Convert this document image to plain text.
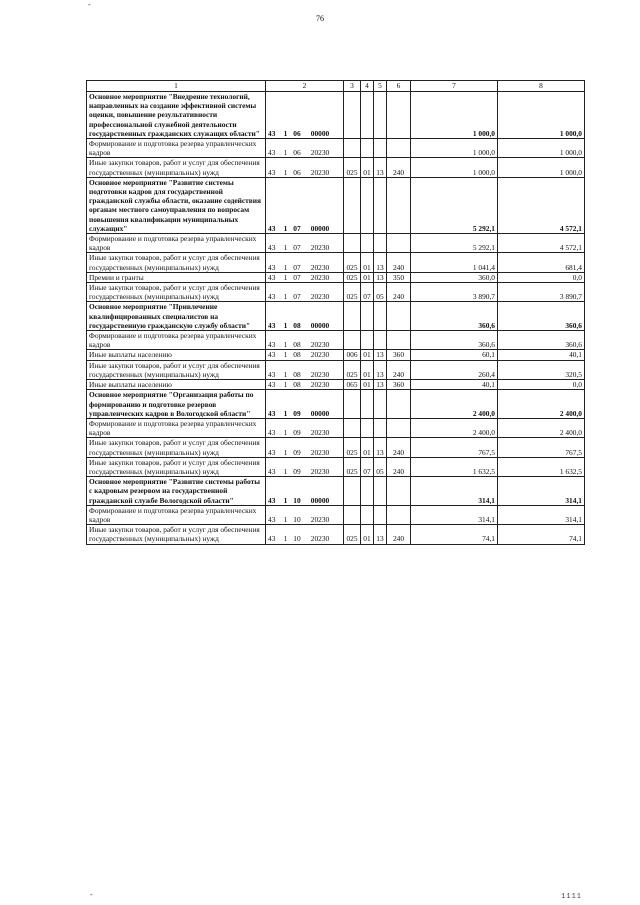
-
76
1	2	3	4	5	6	7	8
Основное мероприятие "Внедрение технологий, направленных на создание эффективной системы оценки, повышение результативности профессиональной служебной деятельности государственных гражданских служащих области"	43 1 06 00000					1 000,0	1 000,0
Формирование и подготовка резерва управленческих кадров	43 1 06 20230					1 000,0	1 000,0
Иные закупки товаров, работ и услуг для обеспечения государственных (муниципальных) нужд	43 1 06 20230	025	01	13	240	1 000,0	1 000,0
Основное мероприятие "Развитие системы подготовки кадров для государственной гражданской службы области, оказание содействия органам местного самоуправления по вопросам повышения квалификации муниципальных служащих"	43 1 07 00000					5 292,1	4 572,1
Формирование и подготовка резерва управленческих кадров	43 1 07 20230					5 292,1	4 572,1
Иные закупки товаров, работ и услуг для обеспечения государственных (муниципальных) нужд	43 1 07 20230	025	01	13	240	1 041,4	681,4
Премии и гранты	43 1 07 20230	025	01	13	350	360,0	0,0
Иные закупки товаров, работ и услуг для обеспечения государственных (муниципальных) нужд	43 1 07 20230	025	07	05	240	3 890,7	3 890,7
Основное мероприятие "Привлечение квалифицированных специалистов на государственную гражданскую службу области"	43 1 08 00000					360,6	360,6
Формирование и подготовка резерва управленческих кадров	43 1 08 20230					360,6	360,6
Иные выплаты населению	43 1 08 20230	006	01	13	360	60,1	40,1
Иные закупки товаров, работ и услуг для обеспечения государственных (муниципальных) нужд	43 1 08 20230	025	01	13	240	260,4	320,5
Иные выплаты населению	43 1 08 20230	065	01	13	360	40,1	0,0
Основное мероприятие "Организация работы по формированию и подготовке резервов управленческих кадров в Вологодской области"	43 1 09 00000					2 400,0	2 400,0
Формирование и подготовка резерва управленческих кадров	43 1 09 20230					2 400,0	2 400,0
Иные закупки товаров, работ и услуг для обеспечения государственных (муниципальных) нужд	43 1 09 20230	025	01	13	240	767,5	767,5
Иные закупки товаров, работ и услуг для обеспечения государственных (муниципальных) нужд	43 1 09 20230	025	07	05	240	1 632,5	1 632,5
Основное мероприятие "Развитие системы работы с кадровым резервом на государственной гражданской службе Вологодской области"	43 1 10 00000					314,1	314,1
Формирование и подготовка резерва управленческих кадров	43 1 10 20230					314,1	314,1
Иные закупки товаров, работ и услуг для обеспечения государственных (муниципальных) нужд	43 1 10 20230	025	01	13	240	74,1	74,1
-	1111
